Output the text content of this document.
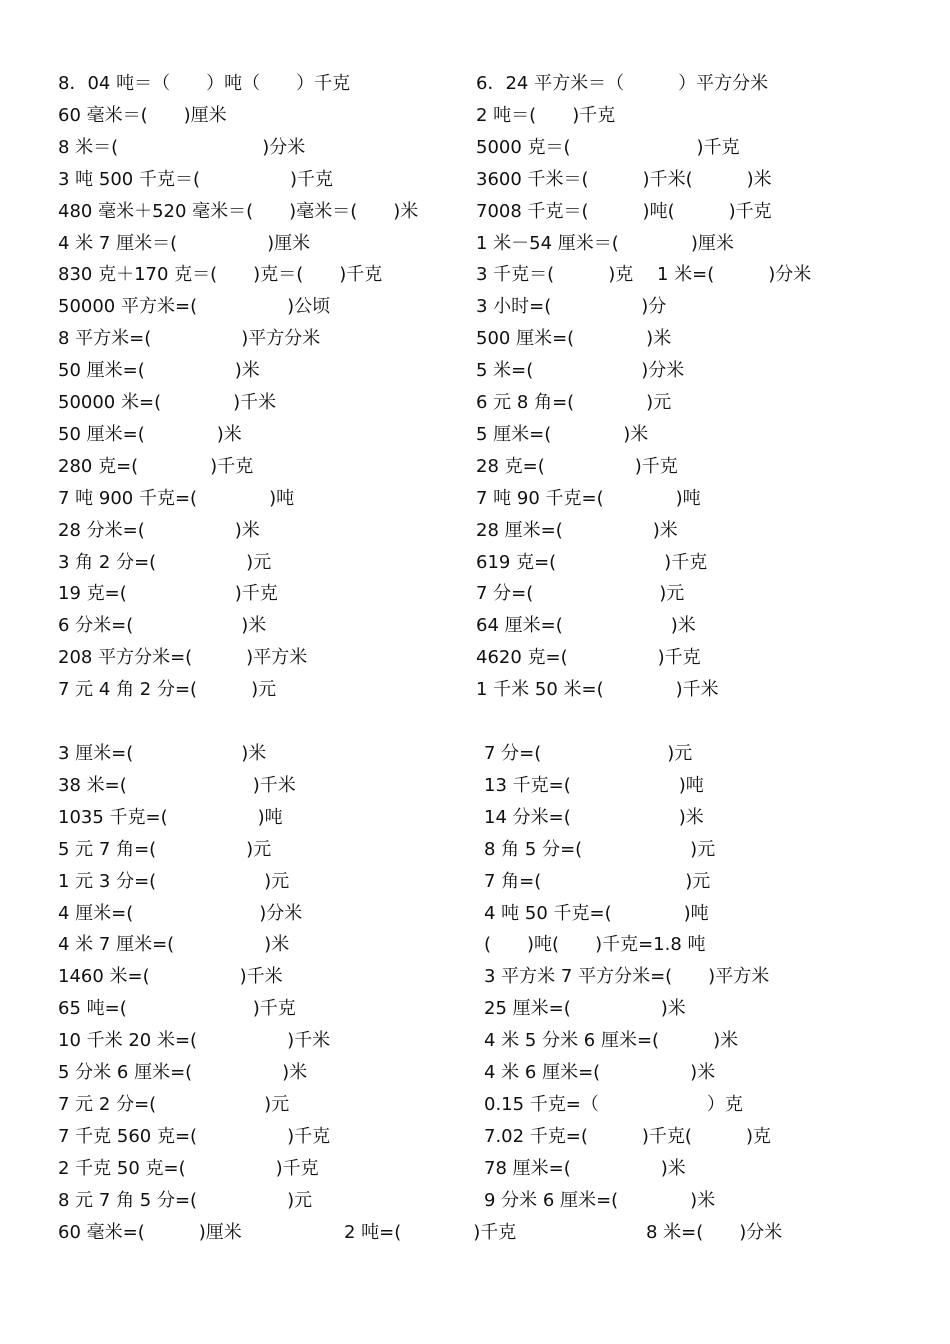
8．04 吨＝（　　）吨（　　）千克
60 毫米＝(　　)厘米
8 米＝(　　　　　　　　)分米
3 吨 500 千克＝(　　　　　)千克
480 毫米＋520 毫米＝(　　)毫米＝(　　)米
4 米 7 厘米＝(　　　　　)厘米
830 克＋170 克＝(　　)克＝(　　)千克
50000 平方米=(　　　　　)公顷
8 平方米=(　　　　　)平方分米
50 厘米=(　　　　　)米
50000 米=(　　　　)千米
50 厘米=(　　　　)米
280 克=(　　　　)千克
7 吨 900 千克=(　　　　)吨
28 分米=(　　　　　)米
3 角 2 分=(　　　　　)元
19 克=(　　　　　　)千克
6 分米=(　　　　　　)米
208 平方分米=(　　　)平方米
7 元 4 角 2 分=(　　　)元
6．24 平方米＝（　　　）平方分米
2 吨＝(　　)千克
5000 克＝(　　　　　　　)千克
3600 千米＝(　　　)千米(　　　)米
7008 千克＝(　　　)吨(　　　)千克
1 米－54 厘米＝(　　　　)厘米
3 千克＝(　　　)克　 1 米=(　　　)分米
3 小时=(　　　　　)分
500 厘米=(　　　　)米
5 米=(　　　　　　)分米
6 元 8 角=(　　　　)元
5 厘米=(　　　　)米
28 克=(　　　　　)千克
7 吨 90 千克=(　　　　)吨
28 厘米=(　　　　　)米
619 克=(　　　　　　)千克
7 分=(　　　　　　　)元
64 厘米=(　　　　　　)米
4620 克=(　　　　　)千克
1 千米 50 米=(　　　　)千米
3 厘米=(　　　　　　)米
38 米=(　　　　　　　)千米
1035 千克=(　　　　　)吨
5 元 7 角=(　　　　　)元
1 元 3 分=(　　　　　　)元
4 厘米=(　　　　　　　)分米
4 米 7 厘米=(　　　　　)米
1460 米=(　　　　　)千米
65 吨=(　　　　　　　)千克
10 千米 20 米=(　　　　　)千米
5 分米 6 厘米=(　　　　　)米
7 元 2 分=(　　　　　　)元
7 千克 560 克=(　　　　　)千克
2 千克 50 克=(　　　　　)千克
8 元 7 角 5 分=(　　　　　)元
7 分=(　　　　　　　)元
13 千克=(　　　　　　)吨
14 分米=(　　　　　　)米
8 角 5 分=(　　　　　　)元
7 角=(　　　　　　　　)元
4 吨 50 千克=(　　　　)吨
(　　)吨(　　)千克=1.8 吨
3 平方米 7 平方分米=(　　)平方米
25 厘米=(　　　　　)米
4 米 5 分米 6 厘米=(　　　)米
4 米 6 厘米=(　　　　　)米
0.15 千克=（　　　　　　）克
7.02 千克=(　　　)千克(　　　)克
78 厘米=(　　　　　)米
9 分米 6 厘米=(　　　　)米
60 毫米=(　　　)厘米	2 吨=(　　　　)千克	8 米=(　　)分米
